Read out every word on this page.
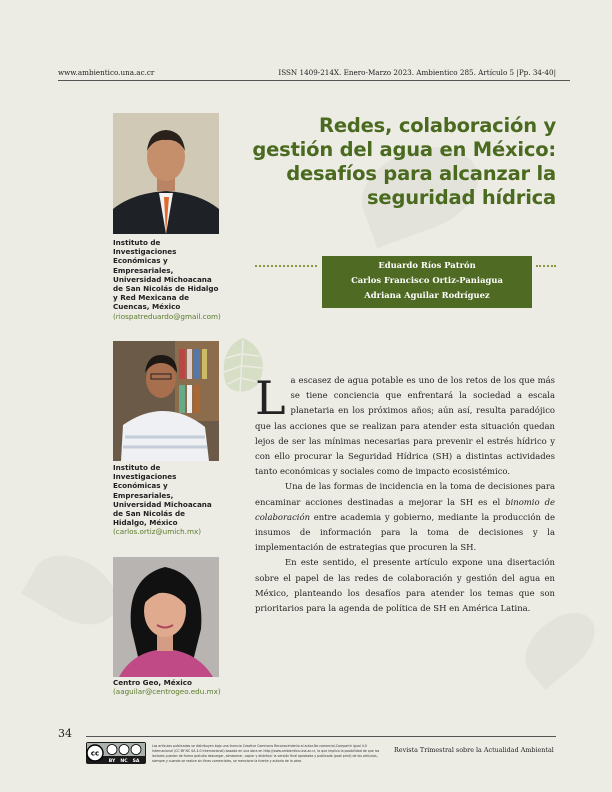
www.ambientico.una.ac.cr	ISSN 1409-214X. Enero-Marzo 2023. Ambientico 285. Artículo 5 |Pp. 34-40|
Redes, colaboración y gestión del agua en México: desafíos para alcanzar la seguridad hídrica
Instituto de Investigaciones Económicas y Empresariales, Universidad Michoacana de San Nicolás de Hidalgo y Red Mexicana de Cuencas, México (riospatreduardo@gmail.com)
Instituto de Investigaciones Económicas y Empresariales, Universidad Michoacana de San Nicolás de Hidalgo, México (carlos.ortiz@umich.mx)
Centro Geo, México (aaguilar@centrogeo.edu.mx)
Eduardo Ríos Patrón
Carlos Francisco Ortiz-Paniagua
Adriana Aguilar Rodríguez

La escasez de agua potable es uno de los retos de los que más se tiene conciencia que enfrentará la sociedad a escala planetaria en los próximos años; aún así, resulta paradójico que las acciones que se realizan para atender esta situación quedan lejos de ser las mínimas necesarias para prevenir el estrés hídrico y con ello procurar la Seguridad Hídrica (SH) a distintas actividades tanto económicas y sociales como de impacto ecosistémico.

Una de las formas de incidencia en la toma de decisiones para encaminar acciones destinadas a mejorar la SH es el binomio de colaboración entre academia y gobierno, mediante la producción de insumos de información para la toma de decisiones y la implementación de estrategias que procuren la SH.

En este sentido, el presente artículo expone una disertación sobre el papel de las redes de colaboración y gestión del agua en México, planteando los desafíos para atender los temas que son prioritarios para la agenda de política de SH en América Latina.

34
cc
BY NC SA
Los artículos publicados se distribuyen bajo una licencia Creative Commons Reconocimiento al autor-No comercial-Compartir igual 4.0 Internacional (CC BY NC SA 4.0 Internacional) basada en una obra en http://www.ambientico.una.ac.cr, lo que implica la posibilidad de que los lectores puedan de forma gratuita descargar, almacenar, copiar y distribuir la versión final aprobada y publicada (post print) de los artículos, siempre y cuando se realice sin fines comerciales, se mencione la fuente y autoría de la obra.
Revista Trimestral sobre la Actualidad Ambiental
